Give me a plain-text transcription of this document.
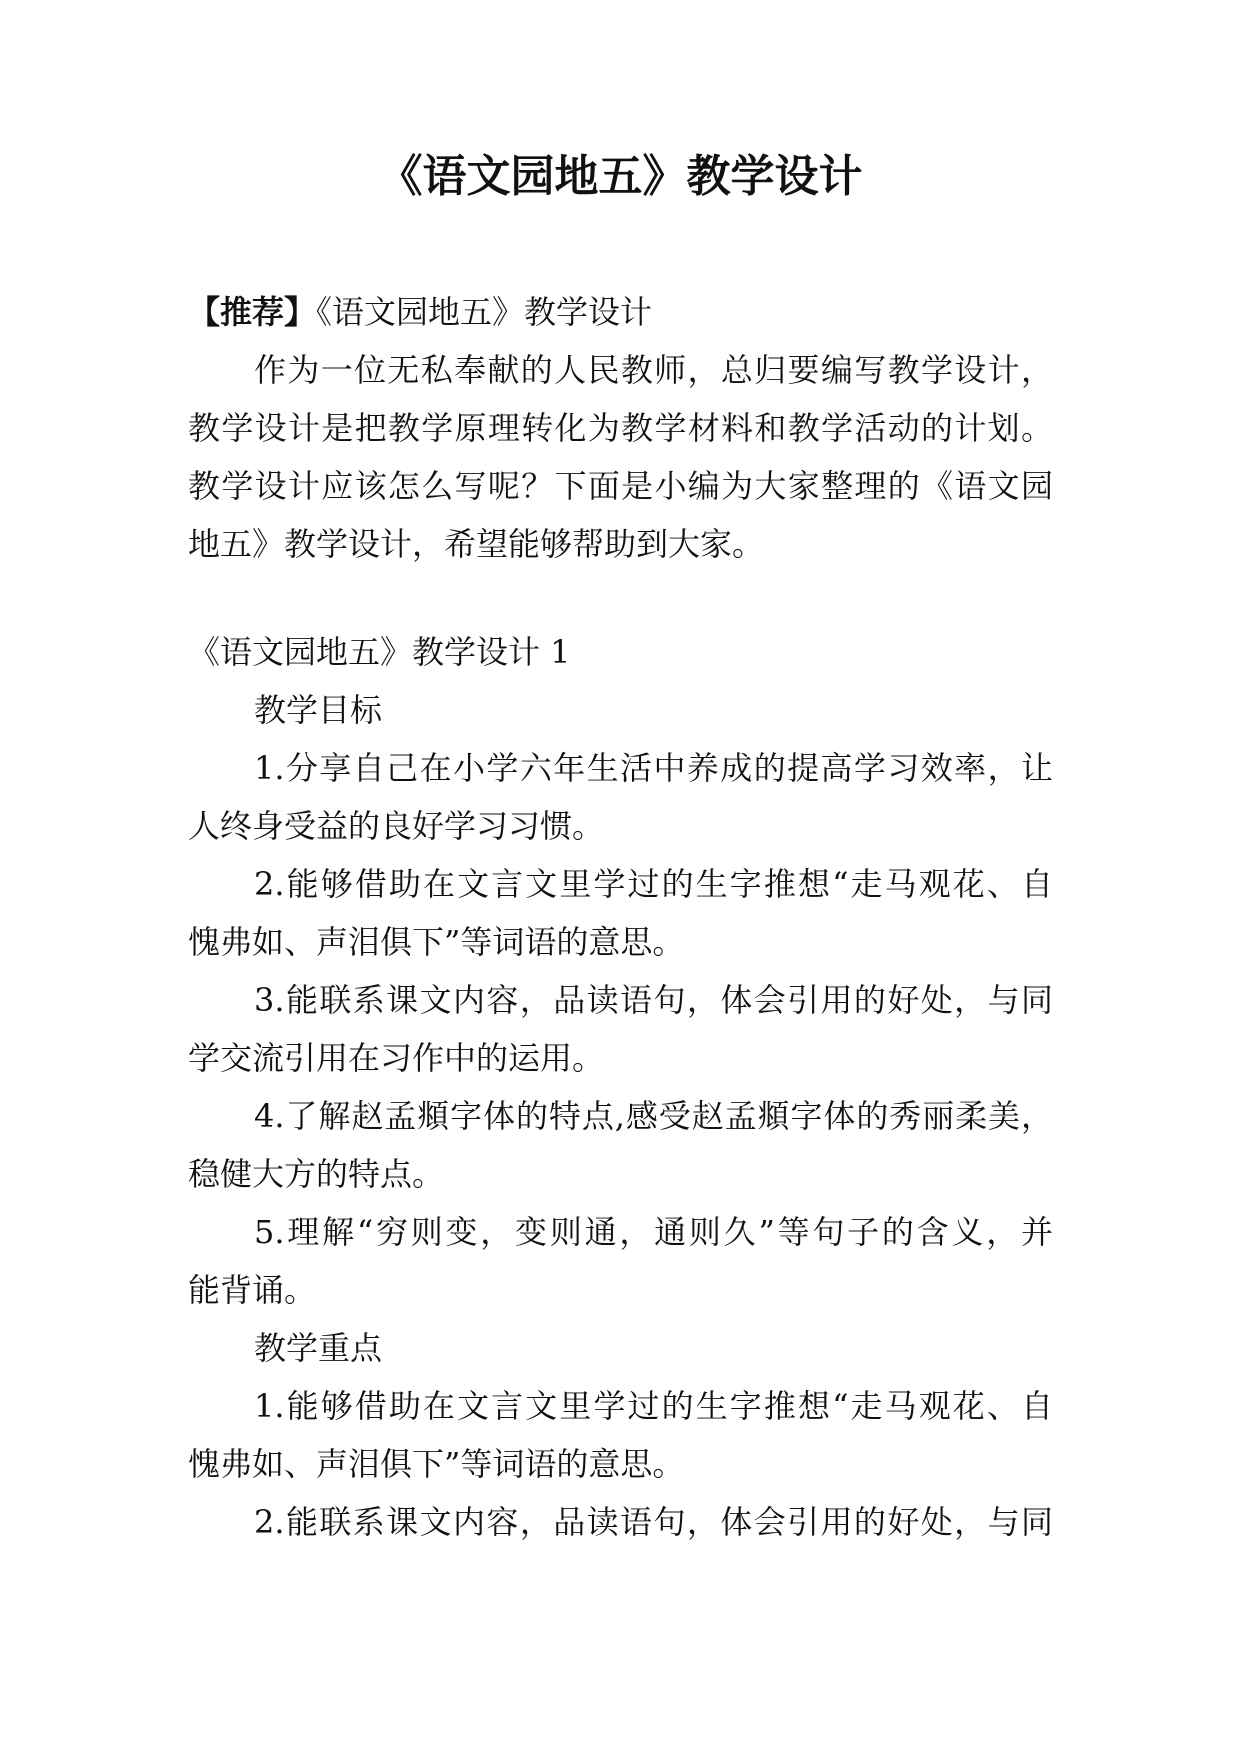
《语文园地五》教学设计
【推荐】《语文园地五》教学设计
作为一位无私奉献的人民教师，总归要编写教学设计，
教学设计是把教学原理转化为教学材料和教学活动的计划。
教学设计应该怎么写呢？下面是小编为大家整理的《语文园
地五》教学设计，希望能够帮助到大家。
《语文园地五》教学设计 1
教学目标
1.分享自己在小学六年生活中养成的提高学习效率，让
人终身受益的良好学习习惯。
2.能够借助在文言文里学过的生字推想“走马观花、自
愧弗如、声泪俱下”等词语的意思。
3.能联系课文内容，品读语句，体会引用的好处，与同
学交流引用在习作中的运用。
4.了解赵孟頫字体的特点,感受赵孟頫字体的秀丽柔美，
稳健大方的特点。
5.理解“穷则变，变则通，通则久”等句子的含义，并
能背诵。
教学重点
1.能够借助在文言文里学过的生字推想“走马观花、自
愧弗如、声泪俱下”等词语的意思。
2.能联系课文内容，品读语句，体会引用的好处，与同
